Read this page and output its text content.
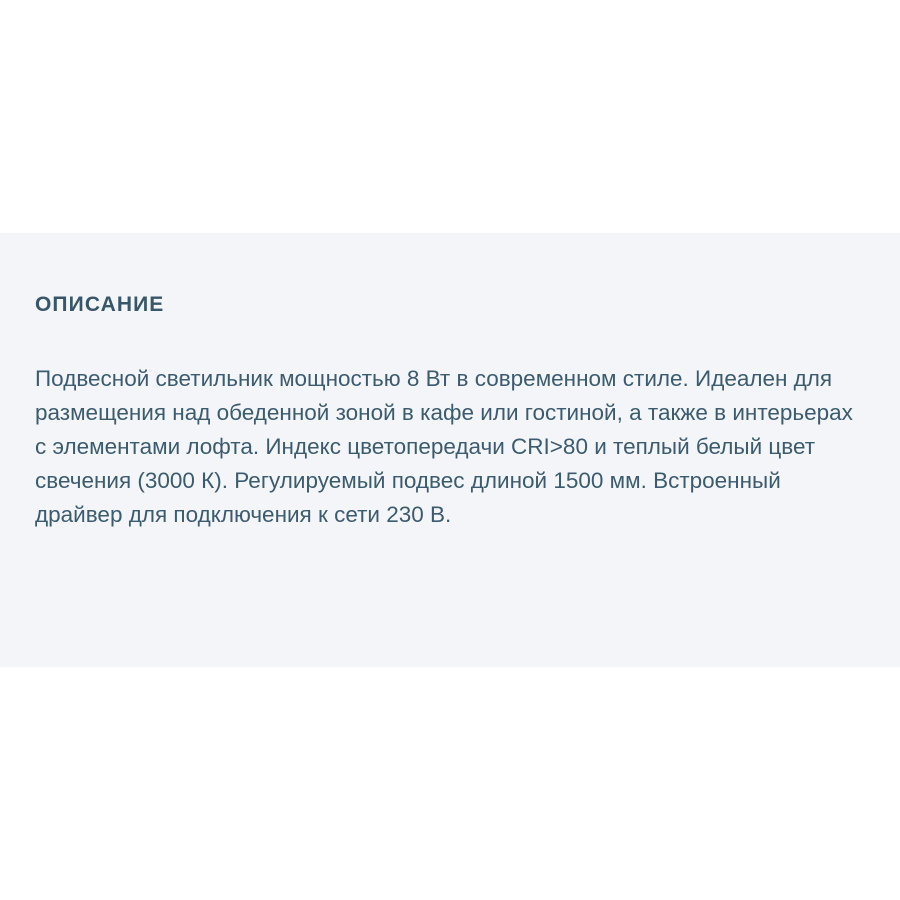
ОПИСАНИЕ

Подвесной светильник мощностью 8 Вт в современном стиле. Идеален для размещения над обеденной зоной в кафе или гостиной, а также в интерьерах с элементами лофта. Индекс цветопередачи CRI>80 и теплый белый цвет свечения (3000 К). Регулируемый подвес длиной 1500 мм. Встроенный драйвер для подключения к сети 230 В.
